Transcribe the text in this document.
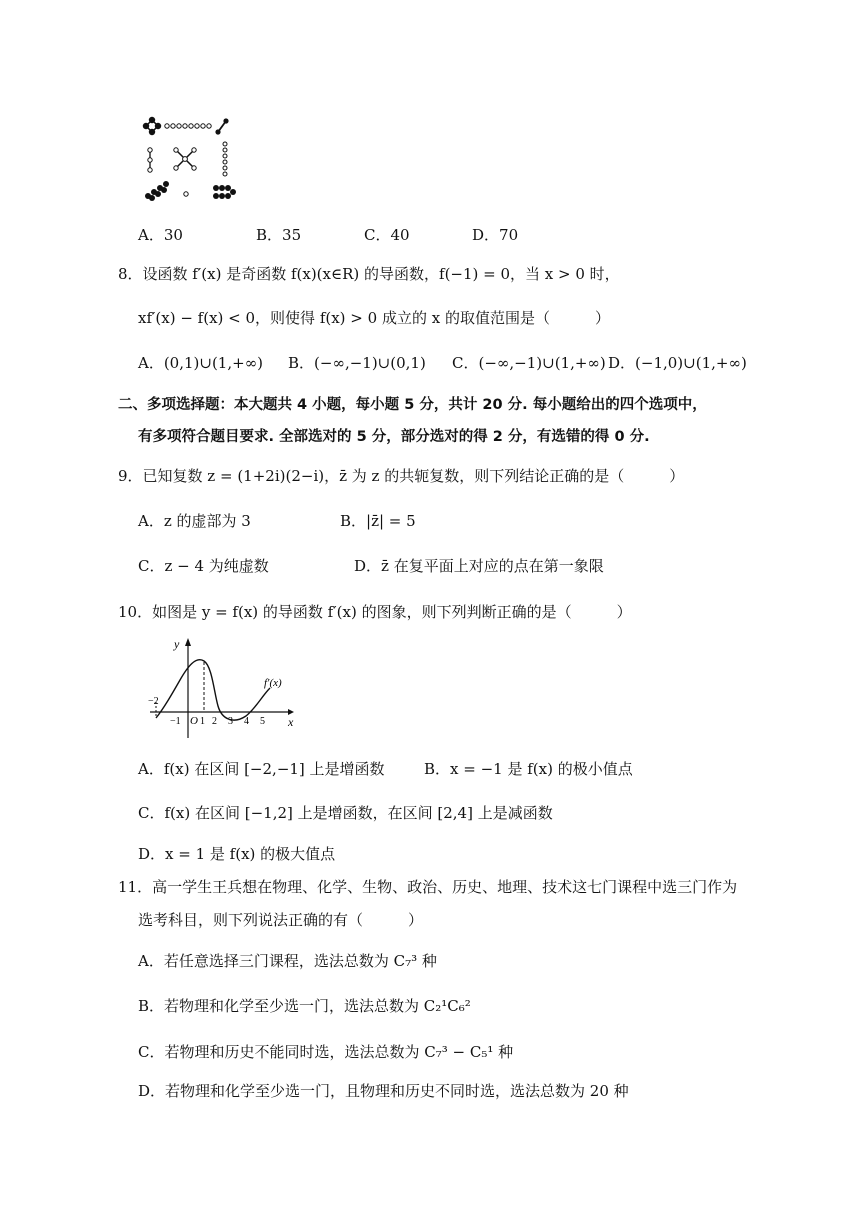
A．30	B．35	C．40	D．70
8．设函数 f′(x) 是奇函数 f(x)(x∈R) 的导函数，f(−1) = 0，当 x > 0 时，
xf′(x) − f(x) < 0，则使得 f(x) > 0 成立的 x 的取值范围是（　　　）
A．(0,1)∪(1,+∞) B．(−∞,−1)∪(0,1) C．(−∞,−1)∪(1,+∞) D．(−1,0)∪(1,+∞)
二、多项选择题：本大题共 4 小题，每小题 5 分，共计 20 分. 每小题给出的四个选项中，
有多项符合题目要求. 全部选对的 5 分，部分选对的得 2 分，有选错的得 0 分.
9．已知复数 z = (1+2i)(2−i)，z̄ 为 z 的共轭复数，则下列结论正确的是（　　　）
A．z 的虚部为 3	B．|z̄| = 5
C．z − 4 为纯虚数	D．z̄ 在复平面上对应的点在第一象限
10．如图是 y = f(x) 的导函数 f′(x) 的图象，则下列判断正确的是（　　　）
y
x
O
f′(x)
−2
−1 1 2 3 4 5
A．f(x) 在区间 [−2,−1] 上是增函数	B．x = −1 是 f(x) 的极小值点
C．f(x) 在区间 [−1,2] 上是增函数，在区间 [2,4] 上是减函数
D．x = 1 是 f(x) 的极大值点
11．高一学生王兵想在物理、化学、生物、政治、历史、地理、技术这七门课程中选三门作为
选考科目，则下列说法正确的有（　　　）
A．若任意选择三门课程，选法总数为 C₇³ 种
B．若物理和化学至少选一门，选法总数为 C₂¹C₆²
C．若物理和历史不能同时选，选法总数为 C₇³ − C₅¹ 种
D．若物理和化学至少选一门，且物理和历史不同时选，选法总数为 20 种
